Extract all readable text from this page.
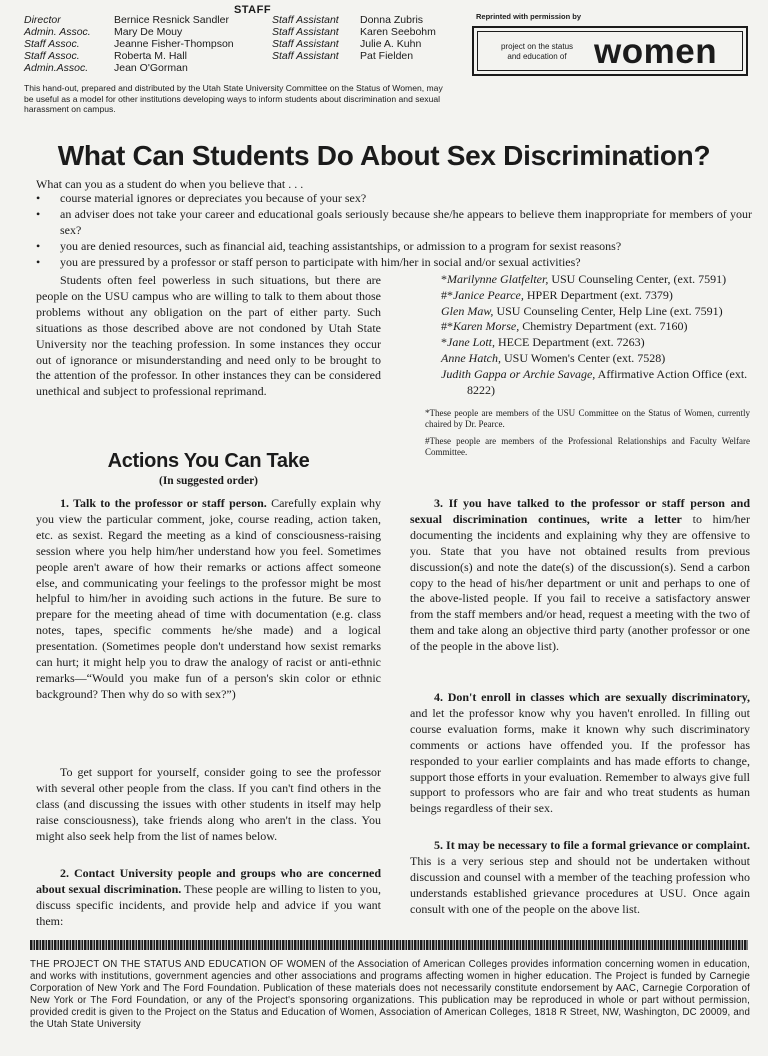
STAFF
Director
Admin. Assoc.
Staff Assoc.
Staff Assoc.
Admin.Assoc.
Bernice Resnick Sandler
Mary De Mouy
Jeanne Fisher-Thompson
Roberta M. Hall
Jean O'Gorman
Staff Assistant
Staff Assistant
Staff Assistant
Staff Assistant
Donna Zubris
Karen Seebohm
Julie A. Kuhn
Pat Fielden
This hand-out, prepared and distributed by the Utah State University Committee on the Status of Women, may be useful as a model for other institutions developing ways to inform students about discrimination and sexual harassment on campus.
Reprinted with permission by
project on the status
and education of women
What Can Students Do About Sex Discrimination?
What can you as a student do when you believe that . . .
• course material ignores or depreciates you because of your sex?
• an adviser does not take your career and educational goals seriously because she/he appears to believe them inappropriate for members of your sex?
• you are denied resources, such as financial aid, teaching assistantships, or admission to a program for sexist reasons?
• you are pressured by a professor or staff person to participate with him/her in social and/or sexual activities?
Students often feel powerless in such situations, but there are people on the USU campus who are willing to talk to them about those problems without any obligation on the part of either party. Such situations as those described above are not condoned by Utah State University nor the teaching profession. In some instances they occur out of ignorance or misunderstanding and need only to be brought to the attention of the professor. In other instances they can be considered unethical and subject to professional reprimand.
*Marilynne Glatfelter, USU Counseling Center, (ext. 7591)
#*Janice Pearce, HPER Department (ext. 7379)
Glen Maw, USU Counseling Center, Help Line (ext. 7591)
#*Karen Morse, Chemistry Department (ext. 7160)
*Jane Lott, HECE Department (ext. 7263)
Anne Hatch, USU Women's Center (ext. 7528)
Judith Gappa or Archie Savage, Affirmative Action Office (ext. 8222)
*These people are members of the USU Committee on the Status of Women, currently chaired by Dr. Pearce.
#These people are members of the Professional Relationships and Faculty Welfare Committee.
Actions You Can Take
(In suggested order)
1. Talk to the professor or staff person. Carefully explain why you view the particular comment, joke, course reading, action taken, etc. as sexist. Regard the meeting as a kind of consciousness-raising session where you help him/her understand how you feel. Sometimes people aren't aware of how their remarks or actions affect someone else, and communicating your feelings to the professor might be most helpful to him/her in avoiding such actions in the future. Be sure to prepare for the meeting ahead of time with documentation (e.g. class notes, tapes, specific comments he/she made) and a logical presentation. (Sometimes people don't understand how sexist remarks can hurt; it might help you to draw the analogy of racist or anti-ethnic remarks—“Would you make fun of a person's skin color or ethnic background? Then why do so with sex?”)
To get support for yourself, consider going to see the professor with several other people from the class. If you can't find others in the class (and discussing the issues with other students in itself may help raise consciousness), take friends along who aren't in the class. You might also seek help from the list of names below.
2. Contact University people and groups who are concerned about sexual discrimination. These people are willing to listen to you, discuss specific incidents, and provide help and advice if you want them:
3. If you have talked to the professor or staff person and sexual discrimination continues, write a letter to him/her documenting the incidents and explaining why they are offensive to you. State that you have not obtained results from previous discussion(s) and note the date(s) of the discussion(s). Send a carbon copy to the head of his/her department or unit and perhaps to one of the above-listed people. If you fail to receive a satisfactory answer from the staff members and/or head, request a meeting with the two of them and take along an objective third party (another professor or one of the people in the above list).
4. Don't enroll in classes which are sexually discriminatory, and let the professor know why you haven't enrolled. In filling out course evaluation forms, make it known why such discriminatory comments or actions have offended you. If the professor has responded to your earlier complaints and has made efforts to change, support those efforts in your evaluation. Remember to always give full support to professors who are fair and who treat students as human beings regardless of their sex.
5. It may be necessary to file a formal grievance or complaint. This is a very serious step and should not be undertaken without discussion and counsel with a member of the teaching profession who understands established grievance procedures at USU. Once again consult with one of the people on the above list.
THE PROJECT ON THE STATUS AND EDUCATION OF WOMEN of the Association of American Colleges provides information concerning women in education, and works with institutions, government agencies and other associations and programs affecting women in higher education. The Project is funded by Carnegie Corporation of New York and The Ford Foundation. Publication of these materials does not necessarily constitute endorsement by AAC, Carnegie Corporation of New York or The Ford Foundation, or any of the Project's sponsoring organizations. This publication may be reproduced in whole or part without permission, provided credit is given to the Project on the Status and Education of Women, Association of American Colleges, 1818 R Street, NW, Washington, DC 20009, and the Utah State University
